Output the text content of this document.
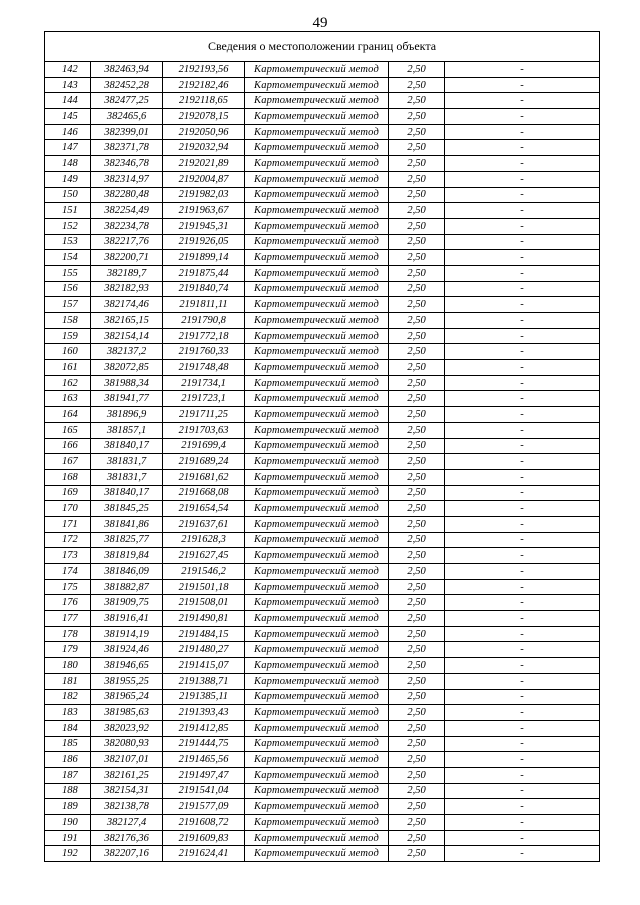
49
Сведения о местоположении границ объекта					
142	382463,94	2192193,56	Картометрический метод	2,50	-
143	382452,28	2192182,46	Картометрический метод	2,50	-
144	382477,25	2192118,65	Картометрический метод	2,50	-
145	382465,6	2192078,15	Картометрический метод	2,50	-
146	382399,01	2192050,96	Картометрический метод	2,50	-
147	382371,78	2192032,94	Картометрический метод	2,50	-
148	382346,78	2192021,89	Картометрический метод	2,50	-
149	382314,97	2192004,87	Картометрический метод	2,50	-
150	382280,48	2191982,03	Картометрический метод	2,50	-
151	382254,49	2191963,67	Картометрический метод	2,50	-
152	382234,78	2191945,31	Картометрический метод	2,50	-
153	382217,76	2191926,05	Картометрический метод	2,50	-
154	382200,71	2191899,14	Картометрический метод	2,50	-
155	382189,7	2191875,44	Картометрический метод	2,50	-
156	382182,93	2191840,74	Картометрический метод	2,50	-
157	382174,46	2191811,11	Картометрический метод	2,50	-
158	382165,15	2191790,8	Картометрический метод	2,50	-
159	382154,14	2191772,18	Картометрический метод	2,50	-
160	382137,2	2191760,33	Картометрический метод	2,50	-
161	382072,85	2191748,48	Картометрический метод	2,50	-
162	381988,34	2191734,1	Картометрический метод	2,50	-
163	381941,77	2191723,1	Картометрический метод	2,50	-
164	381896,9	2191711,25	Картометрический метод	2,50	-
165	381857,1	2191703,63	Картометрический метод	2,50	-
166	381840,17	2191699,4	Картометрический метод	2,50	-
167	381831,7	2191689,24	Картометрический метод	2,50	-
168	381831,7	2191681,62	Картометрический метод	2,50	-
169	381840,17	2191668,08	Картометрический метод	2,50	-
170	381845,25	2191654,54	Картометрический метод	2,50	-
171	381841,86	2191637,61	Картометрический метод	2,50	-
172	381825,77	2191628,3	Картометрический метод	2,50	-
173	381819,84	2191627,45	Картометрический метод	2,50	-
174	381846,09	2191546,2	Картометрический метод	2,50	-
175	381882,87	2191501,18	Картометрический метод	2,50	-
176	381909,75	2191508,01	Картометрический метод	2,50	-
177	381916,41	2191490,81	Картометрический метод	2,50	-
178	381914,19	2191484,15	Картометрический метод	2,50	-
179	381924,46	2191480,27	Картометрический метод	2,50	-
180	381946,65	2191415,07	Картометрический метод	2,50	-
181	381955,25	2191388,71	Картометрический метод	2,50	-
182	381965,24	2191385,11	Картометрический метод	2,50	-
183	381985,63	2191393,43	Картометрический метод	2,50	-
184	382023,92	2191412,85	Картометрический метод	2,50	-
185	382080,93	2191444,75	Картометрический метод	2,50	-
186	382107,01	2191465,56	Картометрический метод	2,50	-
187	382161,25	2191497,47	Картометрический метод	2,50	-
188	382154,31	2191541,04	Картометрический метод	2,50	-
189	382138,78	2191577,09	Картометрический метод	2,50	-
190	382127,4	2191608,72	Картометрический метод	2,50	-
191	382176,36	2191609,83	Картометрический метод	2,50	-
192	382207,16	2191624,41	Картометрический метод	2,50	-
